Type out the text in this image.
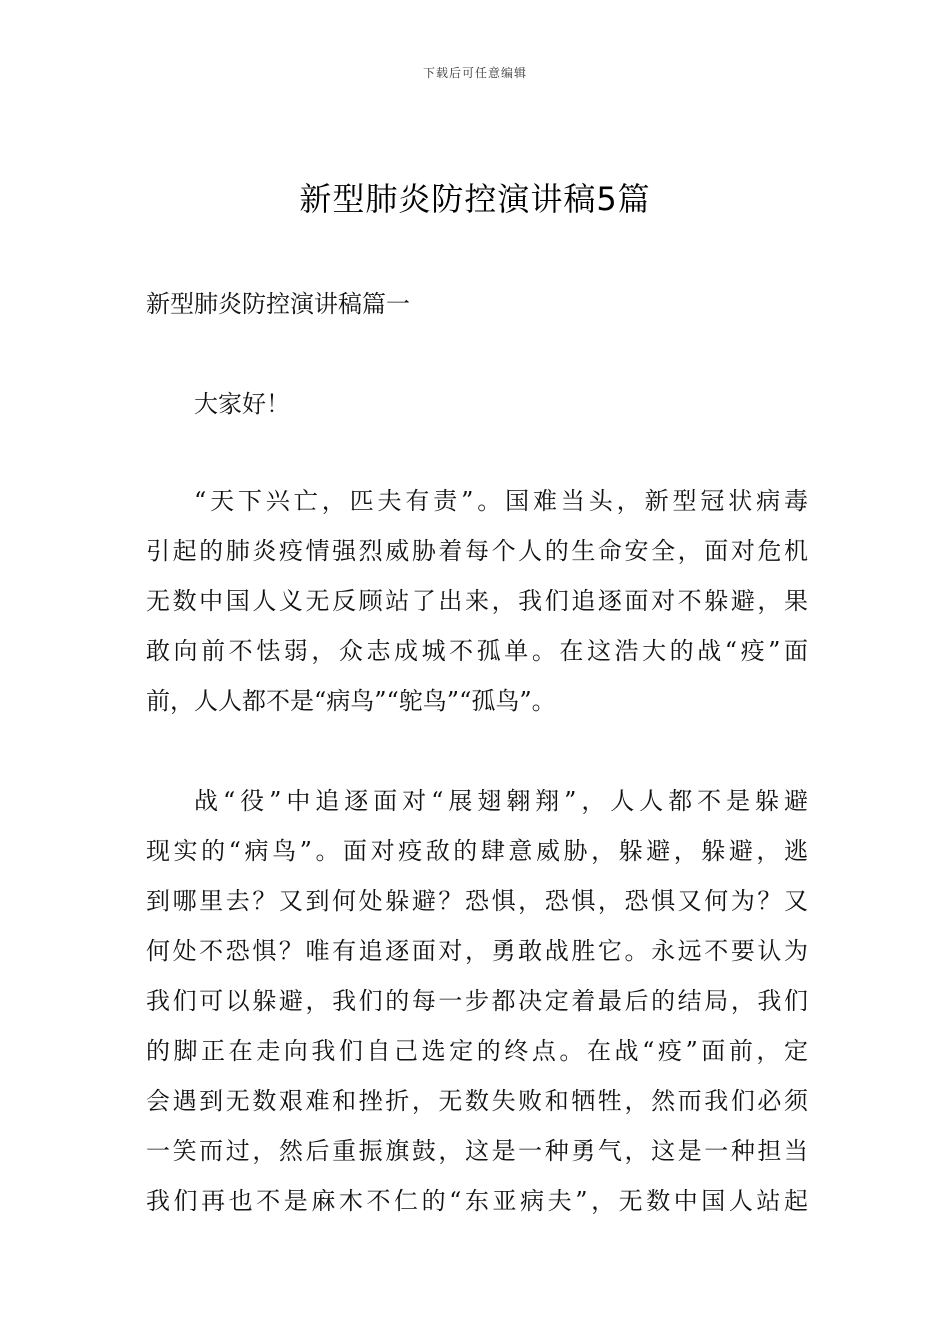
下载后可任意编辑
新型肺炎防控演讲稿5篇
新型肺炎防控演讲稿篇一
大家好！
“天下兴亡，匹夫有责”。国难当头，新型冠状病毒
引起的肺炎疫情强烈威胁着每个人的生命安全，面对危机
无数中国人义无反顾站了出来，我们追逐面对不躲避，果
敢向前不怯弱，众志成城不孤单。在这浩大的战“疫”面
前，人人都不是“病鸟”“鸵鸟”“孤鸟”。
战“役”中追逐面对“展翅翱翔”，人人都不是躲避
现实的“病鸟”。面对疫敌的肆意威胁，躲避，躲避，逃
到哪里去？又到何处躲避？恐惧，恐惧，恐惧又何为？又
何处不恐惧？唯有追逐面对，勇敢战胜它。永远不要认为
我们可以躲避，我们的每一步都决定着最后的结局，我们
的脚正在走向我们自己选定的终点。在战“疫”面前，定
会遇到无数艰难和挫折，无数失败和牺牲，然而我们必须
一笑而过，然后重振旗鼓，这是一种勇气，这是一种担当
我们再也不是麻木不仁的“东亚病夫”，无数中国人站起
